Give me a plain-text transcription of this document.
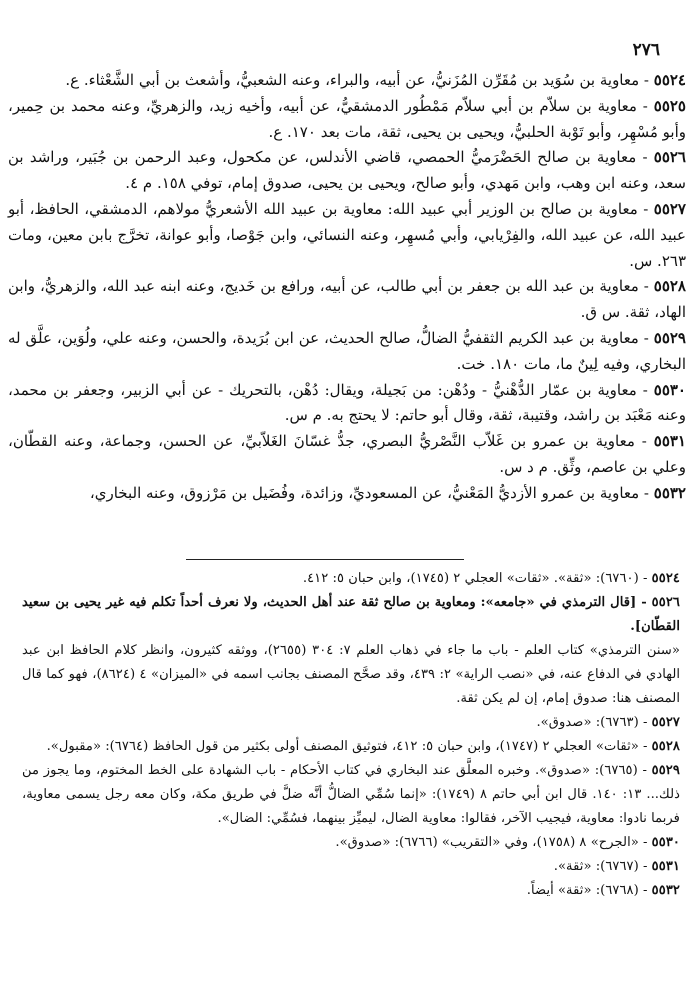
٢٧٦

٥٥٢٤ - معاوية بن سُوَيد بن مُقَرِّن المُزَنيُّ، عن أبيه، والبراء، وعنه الشعبيُّ، وأشعث بن أبي الشَّعْثاء. ع.

٥٥٢٥ - معاوية بن سلاّم بن أبي سلاّم مَمْطُور الدمشقيُّ، عن أبيه، وأخيه زيد، والزهريِّ، وعنه محمد بن حِمير، وأبو مُسْهِر، وأبو تَوْبة الحلبيُّ، ويحيى بن يحيى، ثقة، مات بعد ١٧٠. ع.

٥٥٢٦ - معاوية بن صالح الحَضْرَميُّ الحمصي، قاضي الأندلس، عن مكحول، وعبد الرحمن بن جُبَير، وراشد بن سعد، وعنه ابن وهب، وابن مَهدي، وأبو صالح، ويحيى بن يحيى، صدوق إمام، توفي ١٥٨. م ٤.

٥٥٢٧ - معاوية بن صالح بن الوزير أبي عبيد الله: معاوية بن عبيد الله الأشعريُّ مولاهم، الدمشقي، الحافظ، أبو عبيد الله، عن عبيد الله، والفِرْيابي، وأبي مُسهِر، وعنه النسائي، وابن جَوْصا، وأبو عوانة، تخرَّج بابن معين، ومات ٢٦٣. س.

٥٥٢٨ - معاوية بن عبد الله بن جعفر بن أبي طالب، عن أبيه، ورافع بن خَديج، وعنه ابنه عبد الله، والزهريُّ، وابن الهاد، ثقة. س ق.

٥٥٢٩ - معاوية بن عبد الكريم الثقفيُّ الضالُّ، صالح الحديث، عن ابن بُرَيدة، والحسن، وعنه علي، ولُوَين، علَّق له البخاري، وفيه لِينٌ ما، مات ١٨٠. خت.

٥٥٣٠ - معاوية بن عمّار الدُّهْنيُّ - ودُهْن: من بَجيلة، ويقال: دُهْن، بالتحريك - عن أبي الزبير، وجعفر بن محمد، وعنه مَعْبَد بن راشد، وقتيبة، ثقة، وقال أبو حاتم: لا يحتج به. م س.

٥٥٣١ - معاوية بن عمرو بن غَلاّب النَّصْريُّ البصري، جدُّ غسّانَ الغَلاّبيِّ، عن الحسن، وجماعة، وعنه القطّان، وعلي بن عاصم، وثِّق. م د س.

٥٥٣٢ - معاوية بن عمرو الأزديُّ المَعْنيُّ، عن المسعوديِّ، وزائدة، وفُضَيل بن مَرْزوق، وعنه البخاري،

٥٥٢٤ - (٦٧٦٠): «ثقة». «ثقات» العجلي ٢ (١٧٤٥)، وابن حبان ٥: ٤١٢.

٥٥٢٦ - [قال الترمذي في «جامعه»: ومعاوية بن صالح ثقة عند أهل الحديث، ولا نعرف أحداً تكلم فيه غير يحيى بن سعيد القطّان].

«سنن الترمذي» كتاب العلم - باب ما جاء في ذهاب العلم ٧: ٣٠٤ (٢٦٥٥)، ووثقه كثيرون، وانظر كلام الحافظ ابن عبد الهادي في الدفاع عنه، في «نصب الراية» ٢: ٤٣٩، وقد صحَّح المصنف بجانب اسمه في «الميزان» ٤ (٨٦٢٤)، فهو كما قال المصنف هنا: صدوق إمام، إن لم يكن ثقة.

٥٥٢٧ - (٦٧٦٣): «صدوق».

٥٥٢٨ - «ثقات» العجلي ٢ (١٧٤٧)، وابن حبان ٥: ٤١٢، فتوثيق المصنف أولى بكثير من قول الحافظ (٦٧٦٤): «مقبول».

٥٥٢٩ - (٦٧٦٥): «صدوق». وخبره المعلَّق عند البخاري في كتاب الأحكام - باب الشهادة على الخط المختوم، وما يجوز من ذلك... ١٣: ١٤٠. قال ابن أبي حاتم ٨ (١٧٤٩): «إنما سُمِّي الضالُّ أنَّه ضلَّ في طريق مكة، وكان معه رجل يسمى معاوية، فربما نادوا: معاوية، فيجيب الآخر، فقالوا: معاوية الضال، ليميِّز بينهما، فسُمِّي: الضال».

٥٥٣٠ - «الجرح» ٨ (١٧٥٨)، وفي «التقريب» (٦٧٦٦): «صدوق».

٥٥٣١ - (٦٧٦٧): «ثقة».

٥٥٣٢ - (٦٧٦٨): «ثقة» أيضاً.
